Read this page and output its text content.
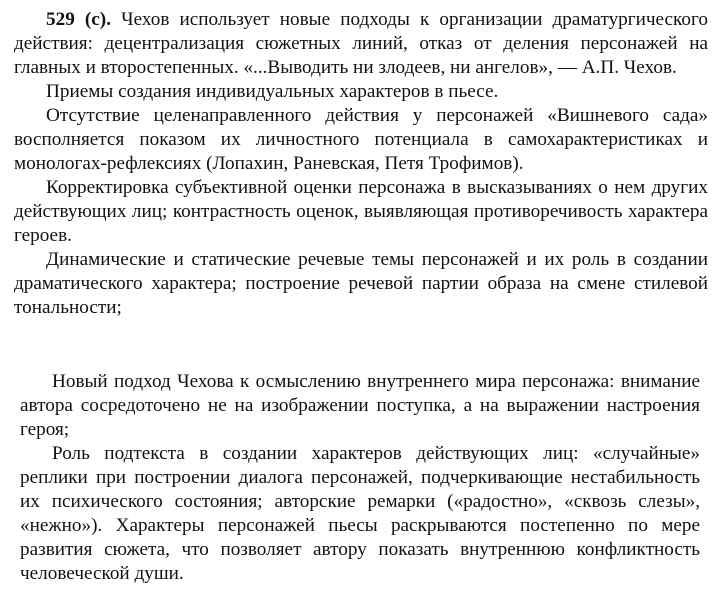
529 (с). Чехов использует новые подходы к организации драматургического действия: децентрализация сюжетных линий, отказ от деления персонажей на главных и второстепенных. «...Выводить ни злодеев, ни ангелов», — А.П. Чехов.

Приемы создания индивидуальных характеров в пьесе.

Отсутствие целенаправленного действия у персонажей «Вишневого сада» восполняется показом их личностного потенциала в самохарактеристиках и монологах-рефлексиях (Лопахин, Раневская, Петя Трофимов).

Корректировка субъективной оценки персонажа в высказываниях о нем других действующих лиц; контрастность оценок, выявляющая противоречивость характера героев.

Динамические и статические речевые темы персонажей и их роль в создании драматического характера; построение речевой партии образа на смене стилевой тональности;

Новый подход Чехова к осмыслению внутреннего мира персонажа: внимание автора сосредоточено не на изображении поступка, а на выражении настроения героя;

Роль подтекста в создании характеров действующих лиц: «случайные» реплики при построении диалога персонажей, подчеркивающие нестабильность их психического состояния; авторские ремарки («радостно», «сквозь слезы», «нежно»). Характеры персонажей пьесы раскрываются постепенно по мере развития сюжета, что позволяет автору показать внутреннюю конфликтность человеческой души.
